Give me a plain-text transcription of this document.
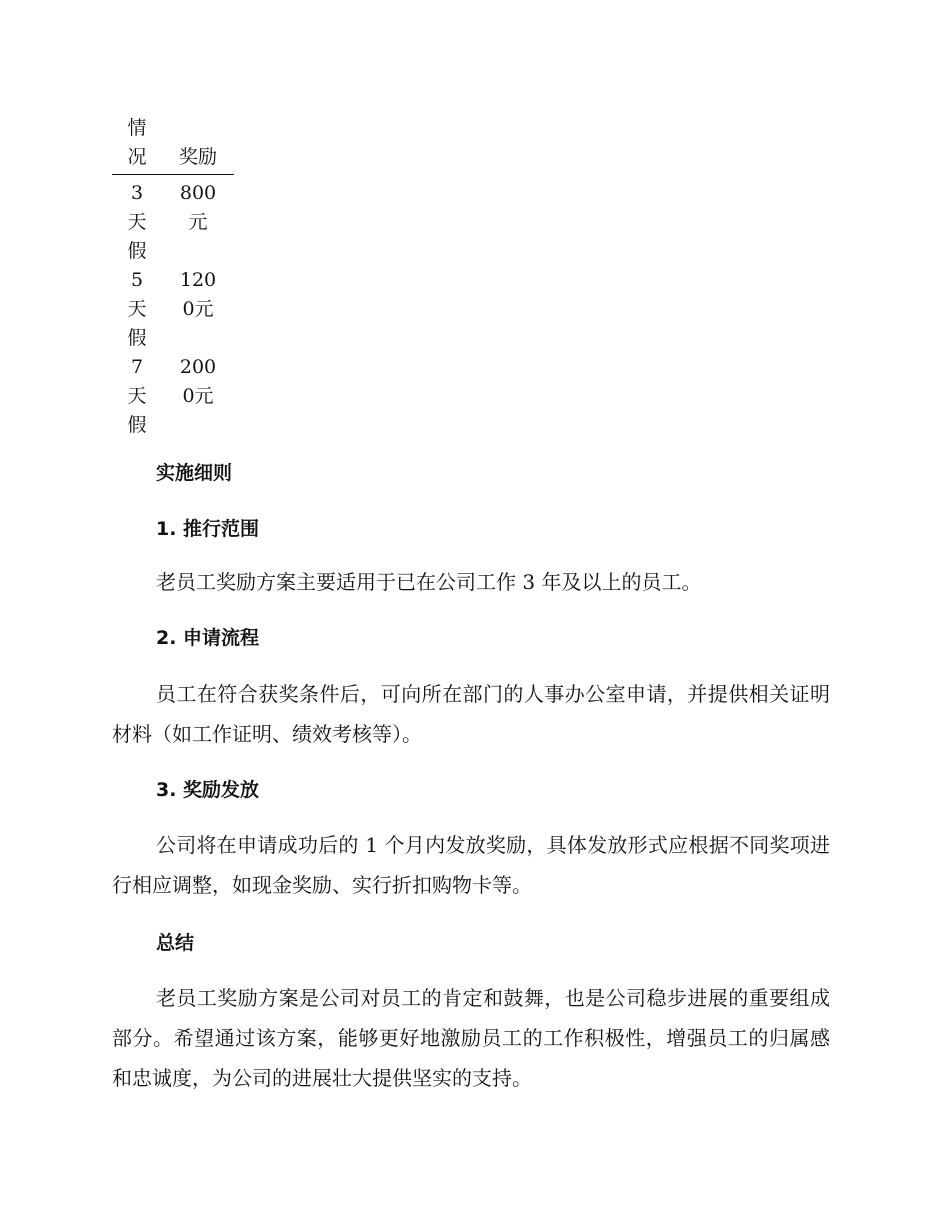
情况	奖励
3天假	800元
5天假	1200元
7天假	2000元

实施细则

1. 推行范围

老员工奖励方案主要适用于已在公司工作 3 年及以上的员工。

2. 申请流程

员工在符合获奖条件后，可向所在部门的人事办公室申请，并提供相关证明材料（如工作证明、绩效考核等）。

3. 奖励发放

公司将在申请成功后的 1 个月内发放奖励，具体发放形式应根据不同奖项进行相应调整，如现金奖励、实行折扣购物卡等。

总结

老员工奖励方案是公司对员工的肯定和鼓舞，也是公司稳步进展的重要组成部分。希望通过该方案，能够更好地激励员工的工作积极性，增强员工的归属感和忠诚度，为公司的进展壮大提供坚实的支持。
